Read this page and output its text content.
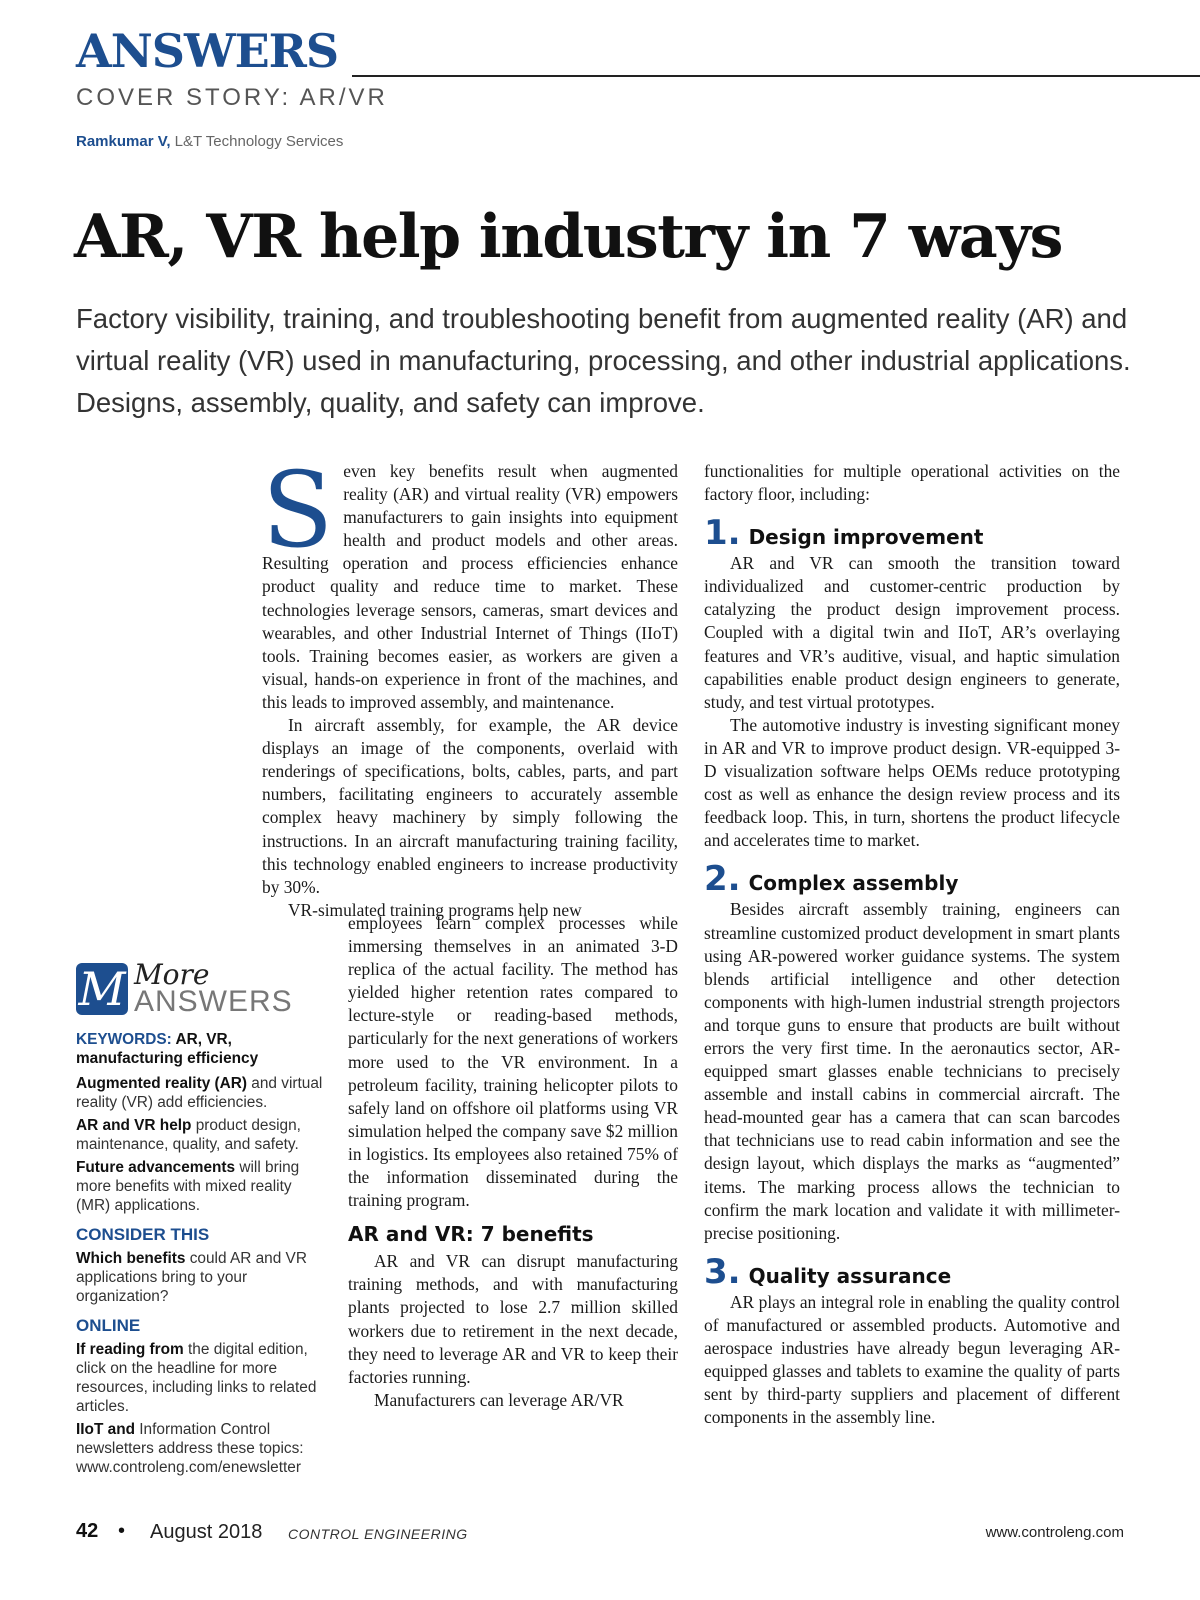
ANSWERS
COVER STORY: AR/VR
Ramkumar V, L&T Technology Services
AR, VR help industry in 7 ways
Factory visibility, training, and troubleshooting benefit from augmented reality (AR) and virtual reality (VR) used in manufacturing, processing, and other industrial applications. Designs, assembly, quality, and safety can improve.

Seven key benefits result when augmented reality (AR) and virtual reality (VR) empowers manufacturers to gain insights into equipment health and product models and other areas. Resulting operation and process efficiencies enhance product quality and reduce time to market. These technologies leverage sensors, cameras, smart devices and wearables, and other Industrial Internet of Things (IIoT) tools. Training becomes easier, as workers are given a visual, hands-on experience in front of the machines, and this leads to improved assembly, and maintenance.

In aircraft assembly, for example, the AR device displays an image of the components, overlaid with renderings of specifications, bolts, cables, parts, and part numbers, facilitating engineers to accurately assemble complex heavy machinery by simply following the instructions. In an aircraft manufacturing training facility, this technology enabled engineers to increase productivity by 30%.

VR-simulated training programs help new

employees learn complex processes while immersing themselves in an animated 3-D replica of the actual facility. The method has yielded higher retention rates compared to lecture-style or reading-based methods, particularly for the next generations of workers more used to the VR environment. In a petroleum facility, training helicopter pilots to safely land on offshore oil platforms using VR simulation helped the company save $2 million in logistics. Its employees also retained 75% of the information disseminated during the training program.

AR and VR: 7 benefits

AR and VR can disrupt manufacturing training methods, and with manufacturing plants projected to lose 2.7 million skilled workers due to retirement in the next decade, they need to leverage AR and VR to keep their factories running.

Manufacturers can leverage AR/VR

functionalities for multiple operational activities on the factory floor, including:

1. Design improvement

AR and VR can smooth the transition toward individualized and customer-centric production by catalyzing the product design improvement process. Coupled with a digital twin and IIoT, AR’s overlaying features and VR’s auditive, visual, and haptic simulation capabilities enable product design engineers to generate, study, and test virtual prototypes.

The automotive industry is investing significant money in AR and VR to improve product design. VR-equipped 3-D visualization software helps OEMs reduce prototyping cost as well as enhance the design review process and its feedback loop. This, in turn, shortens the product lifecycle and accelerates time to market.

2. Complex assembly

Besides aircraft assembly training, engineers can streamline customized product development in smart plants using AR-powered worker guidance systems. The system blends artificial intelligence and other detection components with high-lumen industrial strength projectors and torque guns to ensure that products are built without errors the very first time. In the aeronautics sector, AR-equipped smart glasses enable technicians to precisely assemble and install cabins in commercial aircraft. The head-mounted gear has a camera that can scan barcodes that technicians use to read cabin information and see the design layout, which displays the marks as “augmented” items. The marking process allows the technician to confirm the mark location and validate it with millimeter-precise positioning.

3. Quality assurance

AR plays an integral role in enabling the quality control of manufactured or assembled products. Automotive and aerospace industries have already begun leveraging AR-equipped glasses and tablets to examine the quality of parts sent by third-party suppliers and placement of different components in the assembly line.

M More
ANSWERS
KEYWORDS: AR, VR, manufacturing efficiency

Augmented reality (AR) and virtual reality (VR) add efficiencies.

AR and VR help product design, maintenance, quality, and safety.

Future advancements will bring more benefits with mixed reality (MR) applications.

CONSIDER THIS

Which benefits could AR and VR applications bring to your organization?

ONLINE

If reading from the digital edition, click on the headline for more resources, including links to related articles.

IIoT and Information Control newsletters address these topics: www.controleng.com/enewsletter

42 • August 2018 CONTROL ENGINEERING	www.controleng.com
